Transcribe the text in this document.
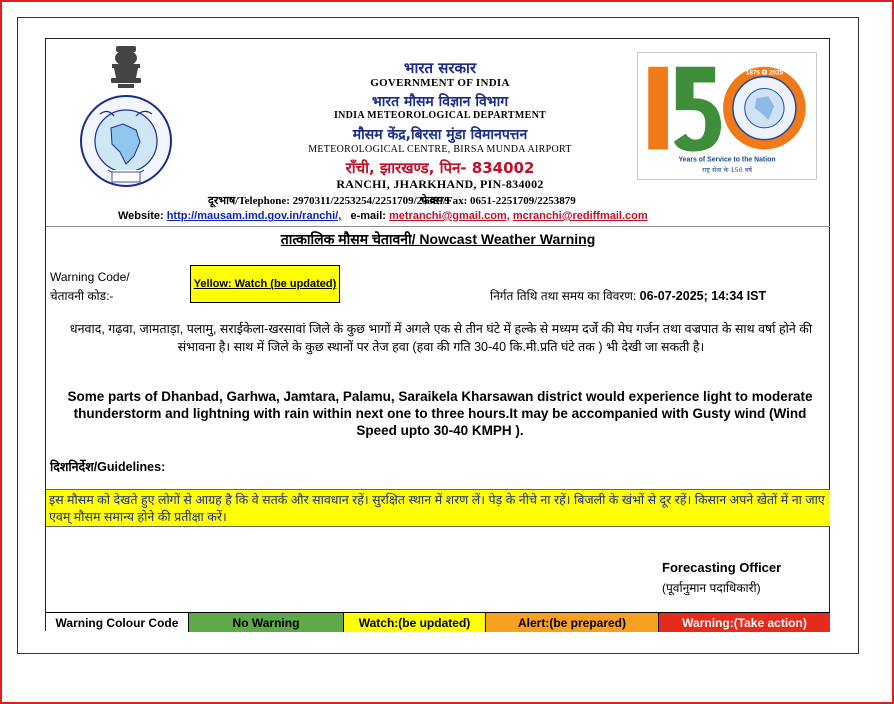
भारत सरकार
GOVERNMENT OF INDIA
भारत मौसम विज्ञान विभाग
INDIA METEOROLOGICAL DEPARTMENT
मौसम केंद्र,बिरसा मुंडा विमानपत्तन
METEOROLOGICAL CENTRE, BIRSA MUNDA AIRPORT
राँची, झारखण्ड, पिन- 834002
RANCHI, JHARKHAND, PIN-834002
दूरभाष/Telephone: 2970311/2253254/2251709/253879
फेक्स/Fax: 0651-2251709/2253879
Website: http://mausam.imd.gov.in/ranchi/, e-mail: metranchi@gmail.com, mcranchi@rediffmail.com
1875 ✪ 2025
Years of Service to the Nation
राष्ट्र सेवा के 150 वर्ष
तात्कालिक मौसम चेतावनी/ Nowcast Weather Warning
Warning Code/
चेतावनी कोड:-
Yellow: Watch (be updated)
निर्गत तिथि तथा समय का विवरण: 06-07-2025; 14:34 IST
धनवाद, गढ़वा, जामताड़ा, पलामु, सराईकेला-खरसावां जिले के कुछ भागों में अगले एक से तीन घंटे में हल्के से मध्यम दर्जे की मेघ गर्जन तथा वज्रपात के साथ वर्षा होने की संभावना है। साथ में जिले के कुछ स्थानों पर तेज हवा (हवा की गति 30-40 कि.मी.प्रति घंटे तक ) भी देखी जा सकती है।
Some parts of Dhanbad, Garhwa, Jamtara, Palamu, Saraikela Kharsawan district would experience light to moderate thunderstorm and lightning with rain within next one to three hours.It may be accompanied with Gusty wind (Wind Speed upto 30-40 KMPH ).
दिशनिर्देश/Guidelines:
इस मौसम को देखते हुए लोगों से आग्रह है कि वे सतर्क और सावधान रहें। सुरक्षित स्थान में शरण लें। पेड़ के नीचे ना रहें। बिजली के खंभों से दूर रहें। किसान अपने खेतों में ना जाए एवम् मौसम समान्य होने की प्रतीक्षा करें।
Forecasting Officer
(पूर्वानुमान पदाधिकारी)
Warning Colour Code	No Warning	Watch:(be updated)	Alert:(be prepared)	Warning:(Take action)
